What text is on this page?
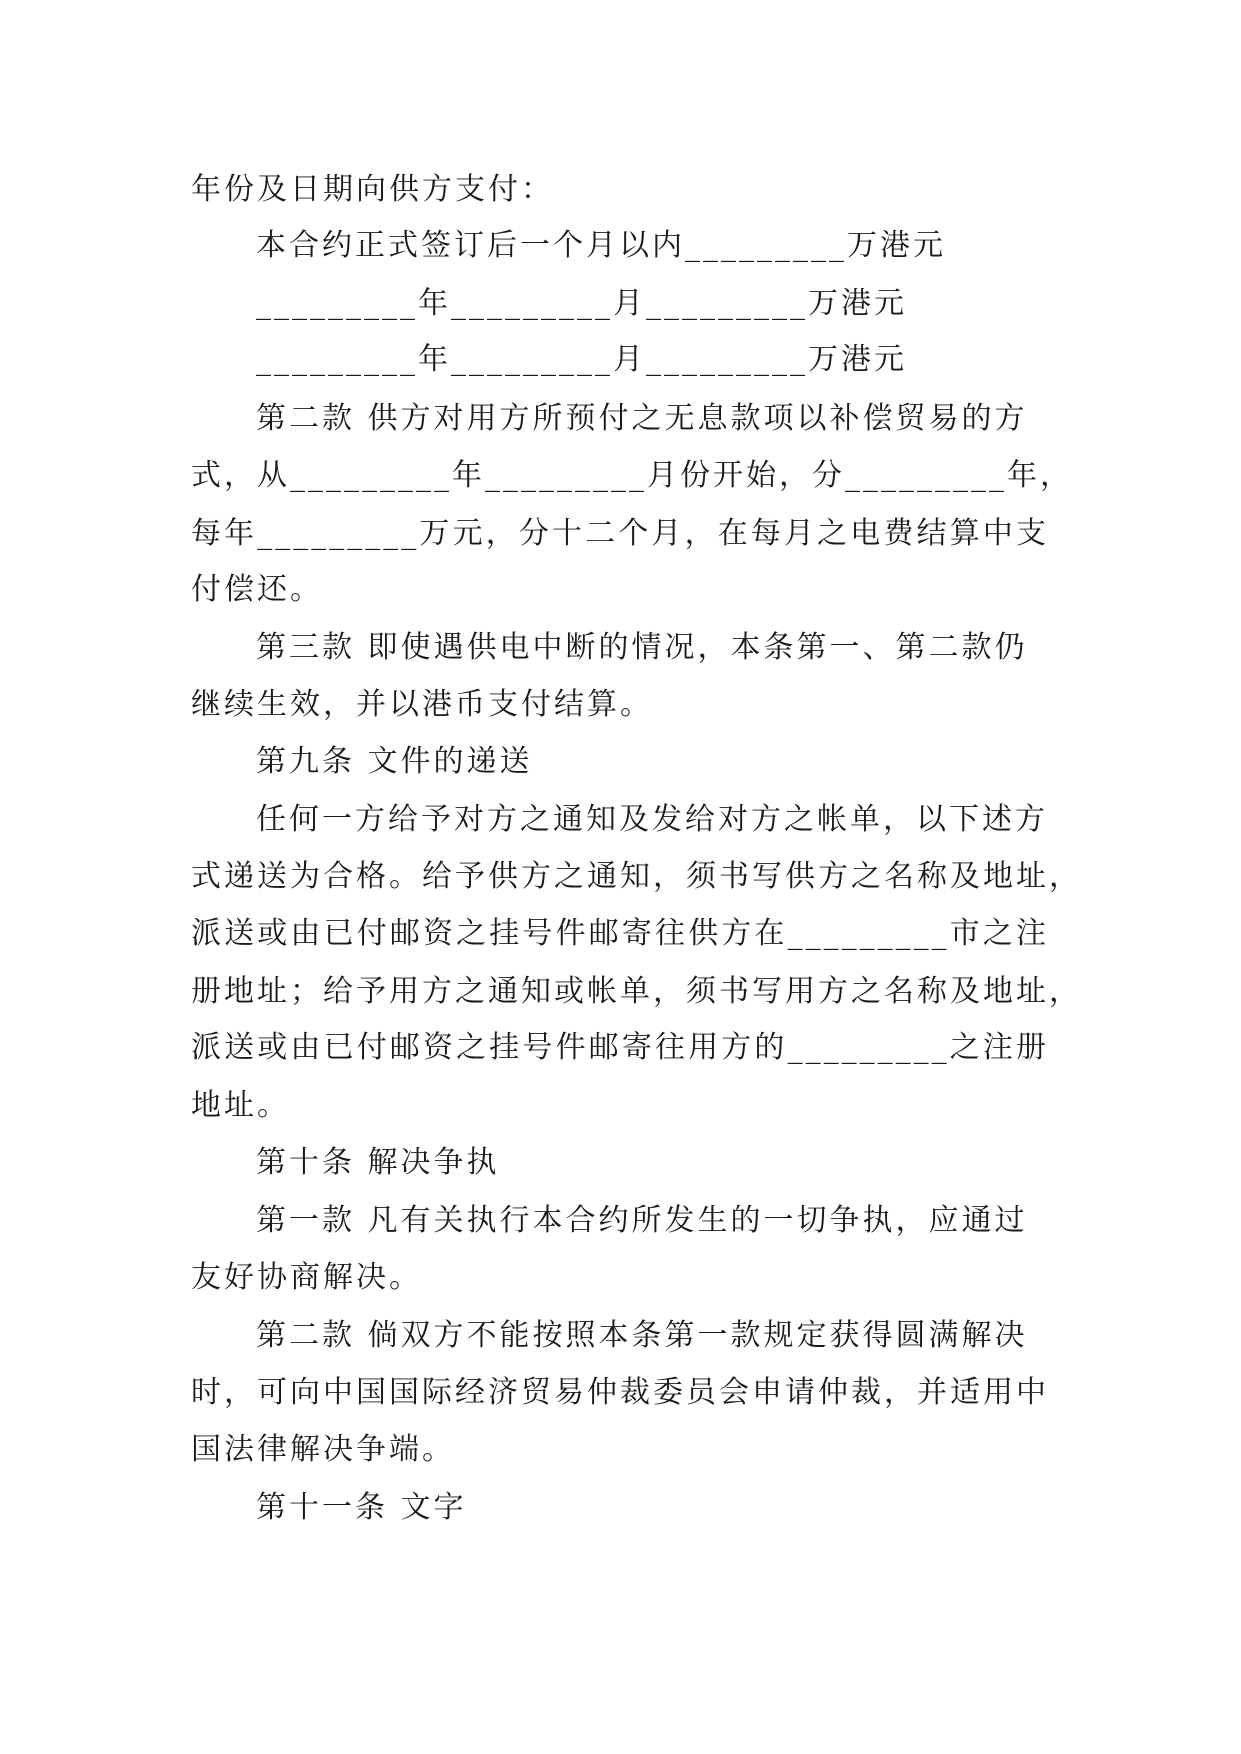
年份及日期向供方支付：
本合约正式签订后一个月以内_________万港元
_________年_________月_________万港元
_________年_________月_________万港元
第二款 供方对用方所预付之无息款项以补偿贸易的方
式，从_________年_________月份开始，分_________年，
每年_________万元，分十二个月，在每月之电费结算中支
付偿还。
第三款 即使遇供电中断的情况，本条第一、第二款仍
继续生效，并以港币支付结算。
第九条 文件的递送
任何一方给予对方之通知及发给对方之帐单，以下述方
式递送为合格。给予供方之通知，须书写供方之名称及地址，
派送或由已付邮资之挂号件邮寄往供方在_________市之注
册地址；给予用方之通知或帐单，须书写用方之名称及地址，
派送或由已付邮资之挂号件邮寄往用方的_________之注册
地址。
第十条 解决争执
第一款 凡有关执行本合约所发生的一切争执，应通过
友好协商解决。
第二款 倘双方不能按照本条第一款规定获得圆满解决
时，可向中国国际经济贸易仲裁委员会申请仲裁，并适用中
国法律解决争端。
第十一条 文字
